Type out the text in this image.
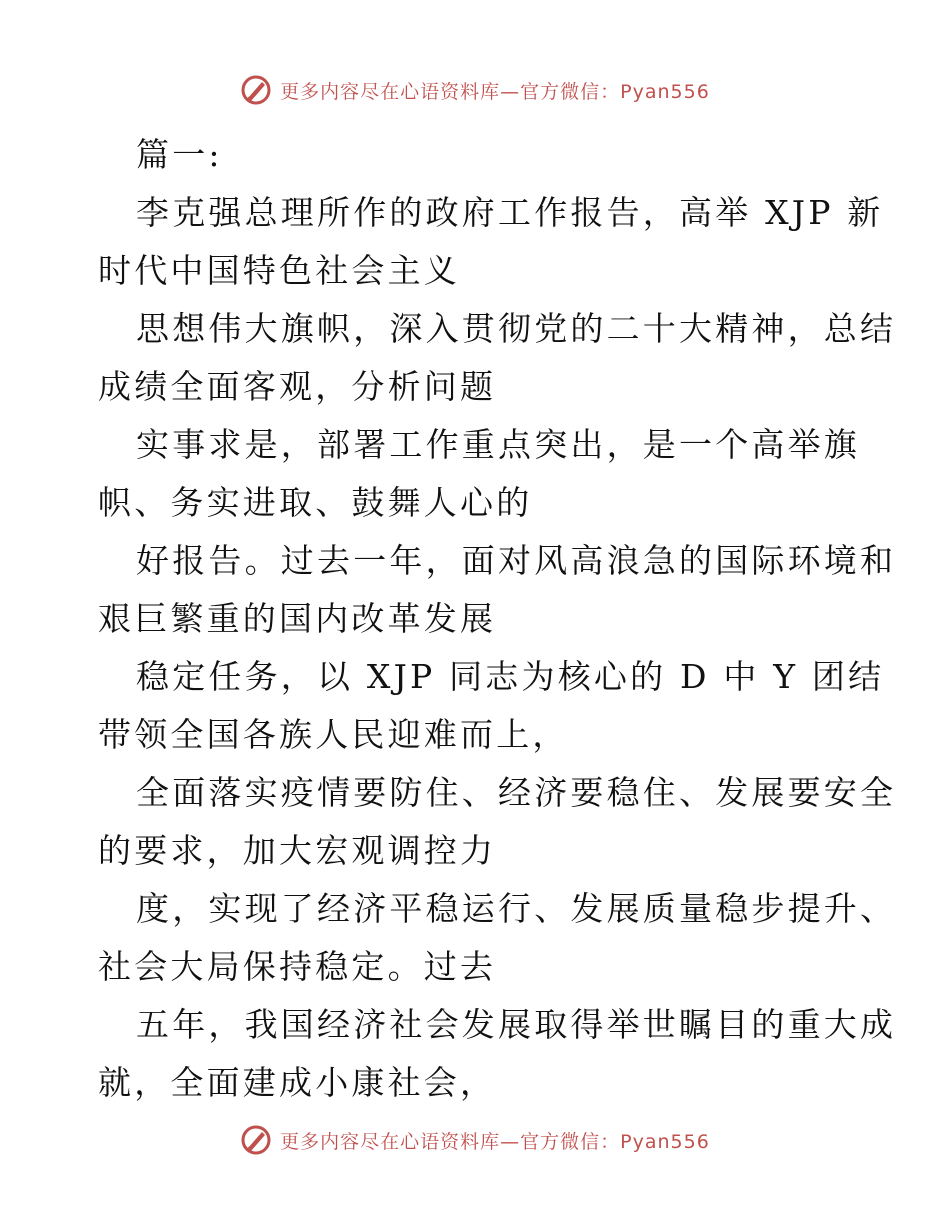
更多内容尽在心语资料库—官方微信：Pyan556
篇一:
李克强总理所作的政府工作报告，高举 XJP 新
时代中国特色社会主义
思想伟大旗帜，深入贯彻党的二十大精神，总结
成绩全面客观，分析问题
实事求是，部署工作重点突出，是一个高举旗
帜、务实进取、鼓舞人心的
好报告。过去一年，面对风高浪急的国际环境和
艰巨繁重的国内改革发展
稳定任务，以 XJP 同志为核心的 D 中 Y 团结
带领全国各族人民迎难而上，
全面落实疫情要防住、经济要稳住、发展要安全
的要求，加大宏观调控力
度，实现了经济平稳运行、发展质量稳步提升、
社会大局保持稳定。过去
五年，我国经济社会发展取得举世瞩目的重大成
就，全面建成小康社会，
更多内容尽在心语资料库—官方微信：Pyan556
